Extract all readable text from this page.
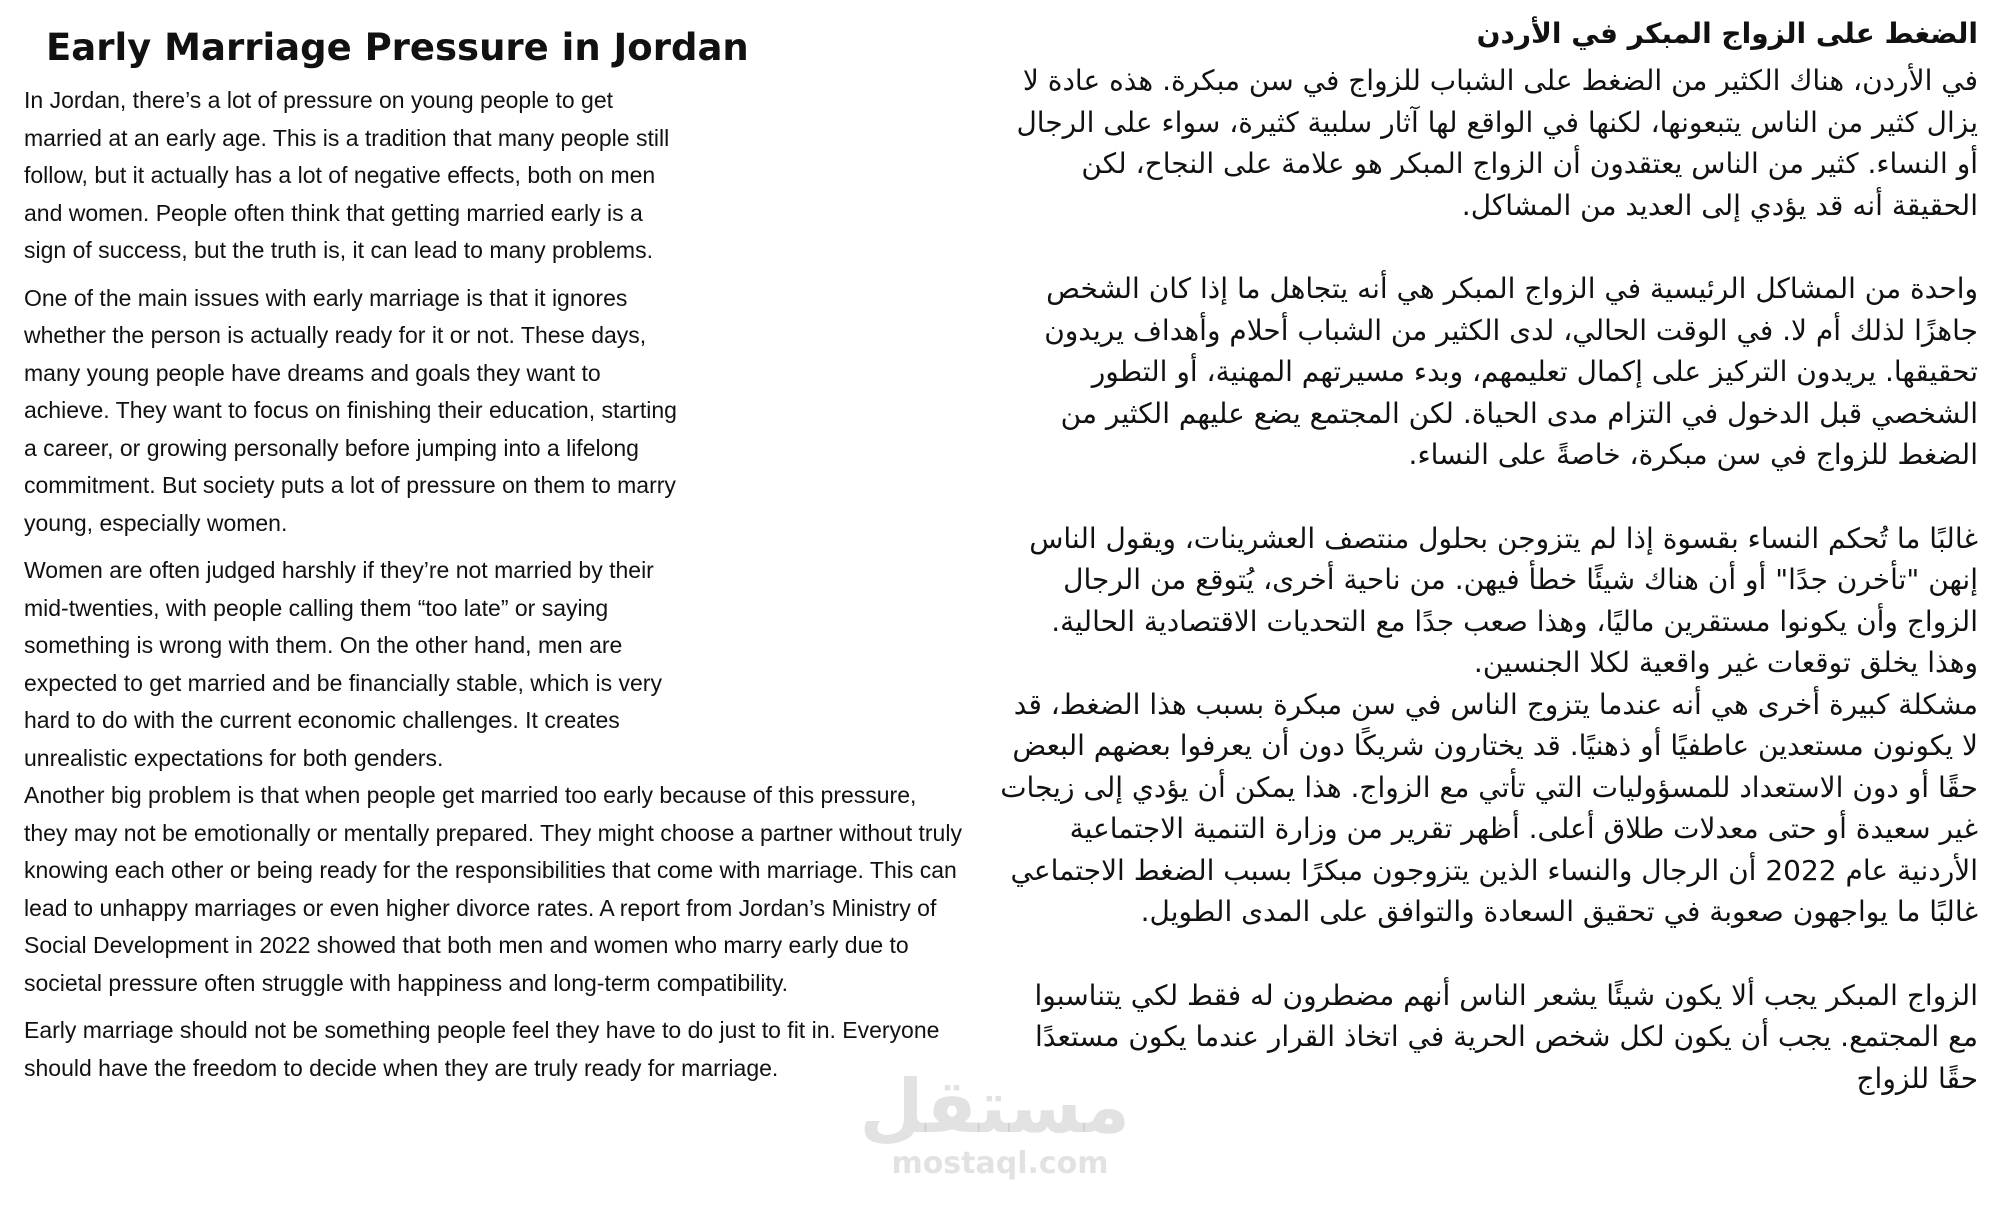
Early Marriage Pressure in Jordan

In Jordan, there’s a lot of pressure on young people to get married at an early age. This is a tradition that many people still follow, but it actually has a lot of negative effects, both on men and women. People often think that getting married early is a sign of success, but the truth is, it can lead to many problems.

One of the main issues with early marriage is that it ignores whether the person is actually ready for it or not. These days, many young people have dreams and goals they want to achieve. They want to focus on finishing their education, starting a career, or growing personally before jumping into a lifelong commitment. But society puts a lot of pressure on them to marry young, especially women.

Women are often judged harshly if they’re not married by their mid-twenties, with people calling them “too late” or saying something is wrong with them. On the other hand, men are expected to get married and be financially stable, which is very hard to do with the current economic challenges. It creates unrealistic expectations for both genders.

Another big problem is that when people get married too early because of this pressure, they may not be emotionally or mentally prepared. They might choose a partner without truly knowing each other or being ready for the responsibilities that come with marriage. This can lead to unhappy marriages or even higher divorce rates. A report from Jordan’s Ministry of Social Development in 2022 showed that both men and women who marry early due to societal pressure often struggle with happiness and long-term compatibility.

Early marriage should not be something people feel they have to do just to fit in. Everyone should have the freedom to decide when they are truly ready for marriage.

الضغط على الزواج المبكر في الأردن

في الأردن، هناك الكثير من الضغط على الشباب للزواج في سن مبكرة. هذه عادة لا يزال كثير من الناس يتبعونها، لكنها في الواقع لها آثار سلبية كثيرة، سواء على الرجال أو النساء. كثير من الناس يعتقدون أن الزواج المبكر هو علامة على النجاح، لكن الحقيقة أنه قد يؤدي إلى العديد من المشاكل.

واحدة من المشاكل الرئيسية في الزواج المبكر هي أنه يتجاهل ما إذا كان الشخص جاهزًا لذلك أم لا. في الوقت الحالي، لدى الكثير من الشباب أحلام وأهداف يريدون تحقيقها. يريدون التركيز على إكمال تعليمهم، وبدء مسيرتهم المهنية، أو التطور الشخصي قبل الدخول في التزام مدى الحياة. لكن المجتمع يضع عليهم الكثير من الضغط للزواج في سن مبكرة، خاصةً على النساء.

غالبًا ما تُحكم النساء بقسوة إذا لم يتزوجن بحلول منتصف العشرينات، ويقول الناس إنهن "تأخرن جدًا" أو أن هناك شيئًا خطأ فيهن. من ناحية أخرى، يُتوقع من الرجال الزواج وأن يكونوا مستقرين ماليًا، وهذا صعب جدًا مع التحديات الاقتصادية الحالية. وهذا يخلق توقعات غير واقعية لكلا الجنسين.

مشكلة كبيرة أخرى هي أنه عندما يتزوج الناس في سن مبكرة بسبب هذا الضغط، قد لا يكونون مستعدين عاطفيًا أو ذهنيًا. قد يختارون شريكًا دون أن يعرفوا بعضهم البعض حقًا أو دون الاستعداد للمسؤوليات التي تأتي مع الزواج. هذا يمكن أن يؤدي إلى زيجات غير سعيدة أو حتى معدلات طلاق أعلى. أظهر تقرير من وزارة التنمية الاجتماعية الأردنية عام 2022 أن الرجال والنساء الذين يتزوجون مبكرًا بسبب الضغط الاجتماعي غالبًا ما يواجهون صعوبة في تحقيق السعادة والتوافق على المدى الطويل.

الزواج المبكر يجب ألا يكون شيئًا يشعر الناس أنهم مضطرون له فقط لكي يتناسبوا مع المجتمع. يجب أن يكون لكل شخص الحرية في اتخاذ القرار عندما يكون مستعدًا حقًا للزواج

مستقل
mostaql.com
